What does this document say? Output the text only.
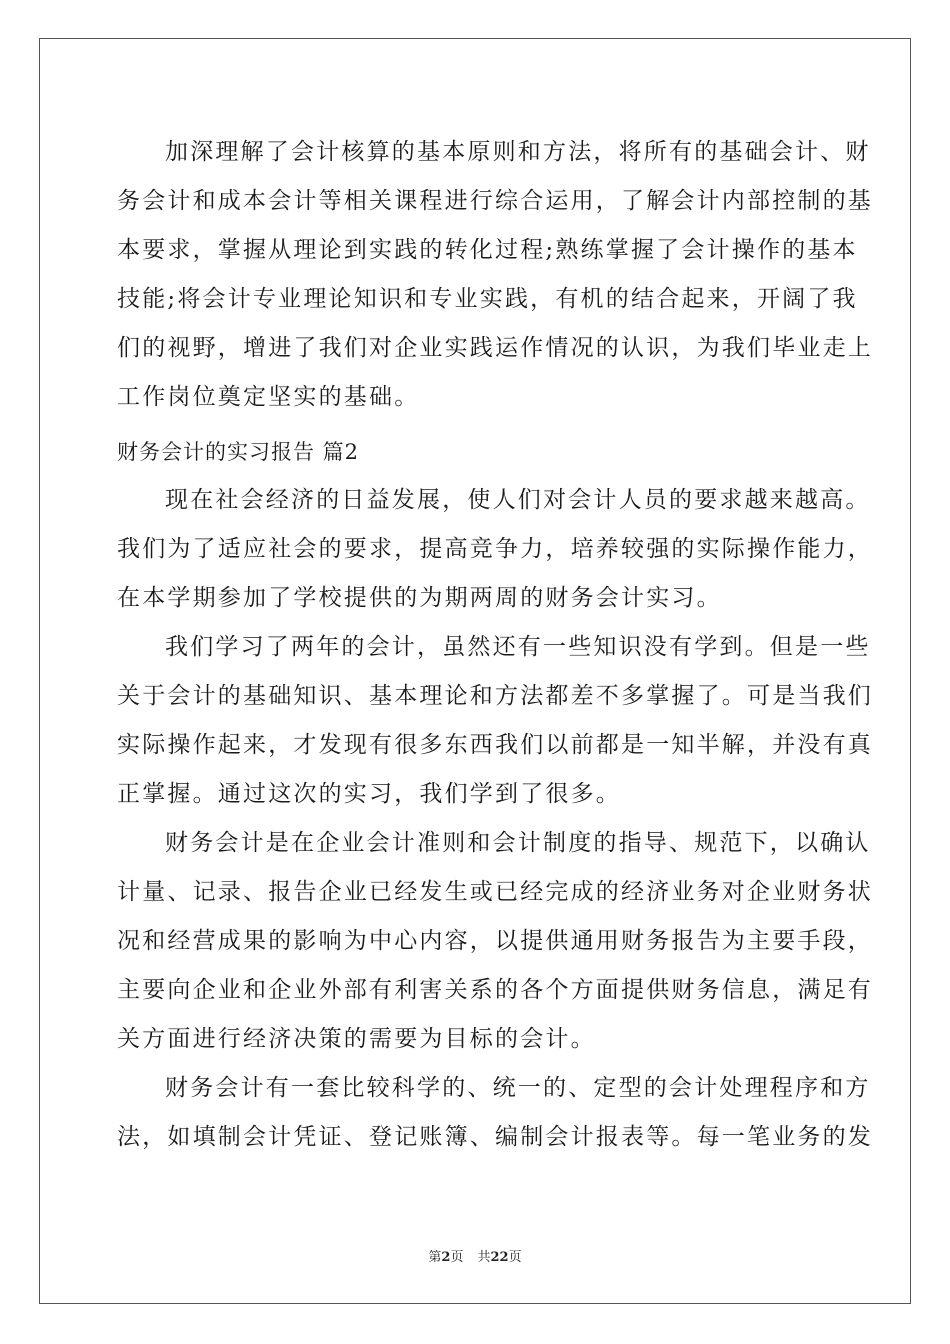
加深理解了会计核算的基本原则和方法，将所有的基础会计、财
务会计和成本会计等相关课程进行综合运用，了解会计内部控制的基
本要求，掌握从理论到实践的转化过程;熟练掌握了会计操作的基本
技能;将会计专业理论知识和专业实践，有机的结合起来，开阔了我
们的视野，增进了我们对企业实践运作情况的认识，为我们毕业走上
工作岗位奠定坚实的基础。
财务会计的实习报告 篇2
现在社会经济的日益发展，使人们对会计人员的要求越来越高。
我们为了适应社会的要求，提高竞争力，培养较强的实际操作能力，
在本学期参加了学校提供的为期两周的财务会计实习。
我们学习了两年的会计，虽然还有一些知识没有学到。但是一些
关于会计的基础知识、基本理论和方法都差不多掌握了。可是当我们
实际操作起来，才发现有很多东西我们以前都是一知半解，并没有真
正掌握。通过这次的实习，我们学到了很多。
财务会计是在企业会计准则和会计制度的指导、规范下，以确认
计量、记录、报告企业已经发生或已经完成的经济业务对企业财务状
况和经营成果的影响为中心内容，以提供通用财务报告为主要手段，
主要向企业和企业外部有利害关系的各个方面提供财务信息，满足有
关方面进行经济决策的需要为目标的会计。
财务会计有一套比较科学的、统一的、定型的会计处理程序和方
法，如填制会计凭证、登记账簿、编制会计报表等。每一笔业务的发
第2页 共22页
